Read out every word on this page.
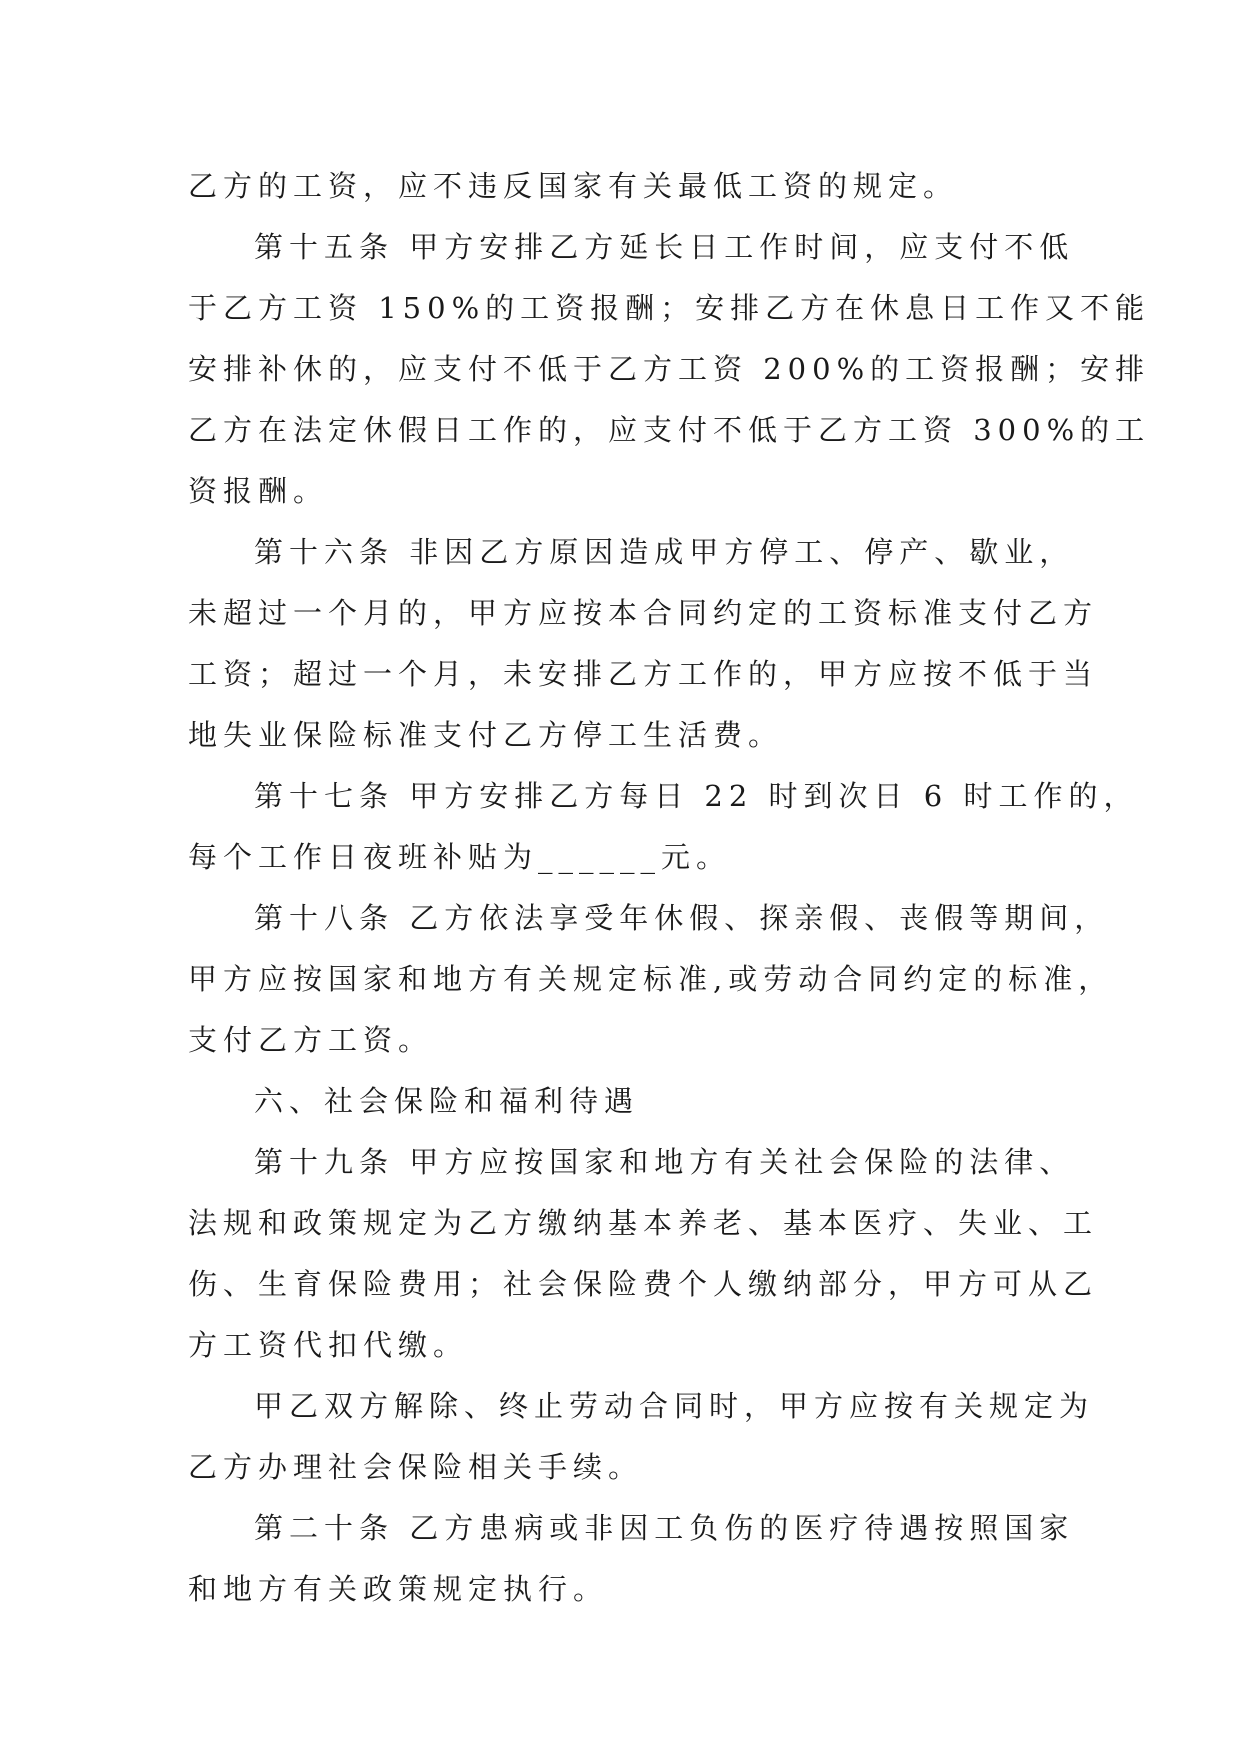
乙方的工资，应不违反国家有关最低工资的规定。
第十五条 甲方安排乙方延长日工作时间，应支付不低
于乙方工资 150%的工资报酬；安排乙方在休息日工作又不能
安排补休的，应支付不低于乙方工资 200%的工资报酬；安排
乙方在法定休假日工作的，应支付不低于乙方工资 300%的工
资报酬。
第十六条 非因乙方原因造成甲方停工、停产、歇业，
未超过一个月的，甲方应按本合同约定的工资标准支付乙方
工资；超过一个月，未安排乙方工作的，甲方应按不低于当
地失业保险标准支付乙方停工生活费。
第十七条 甲方安排乙方每日 22 时到次日 6 时工作的，
每个工作日夜班补贴为______元。
第十八条 乙方依法享受年休假、探亲假、丧假等期间，
甲方应按国家和地方有关规定标准,或劳动合同约定的标准，
支付乙方工资。
六、社会保险和福利待遇
第十九条 甲方应按国家和地方有关社会保险的法律、
法规和政策规定为乙方缴纳基本养老、基本医疗、失业、工
伤、生育保险费用；社会保险费个人缴纳部分，甲方可从乙
方工资代扣代缴。
甲乙双方解除、终止劳动合同时，甲方应按有关规定为
乙方办理社会保险相关手续。
第二十条 乙方患病或非因工负伤的医疗待遇按照国家
和地方有关政策规定执行。
